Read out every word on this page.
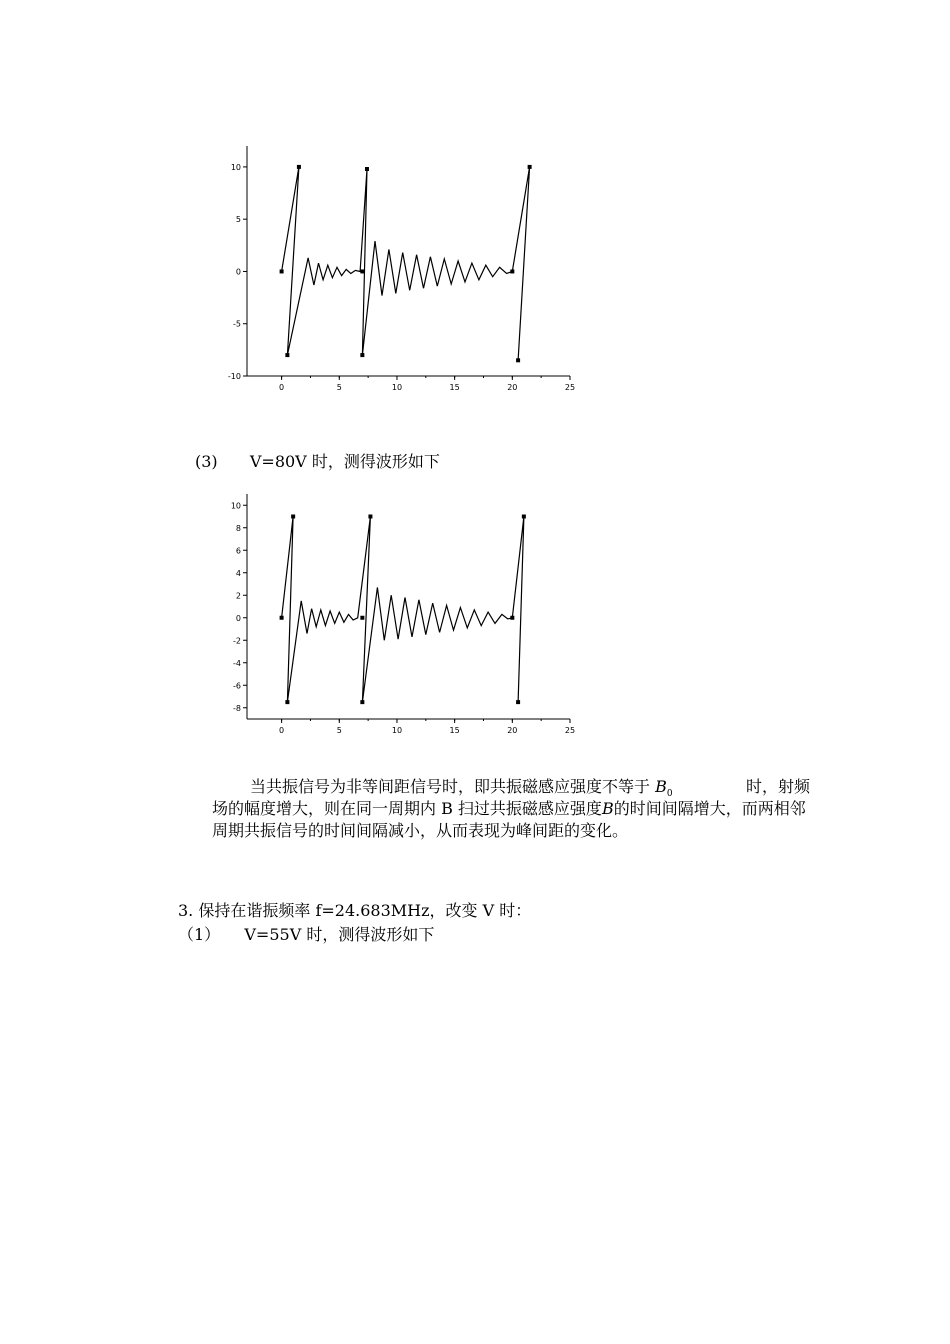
0	5	10	15	20	25
10
5
0
-5
-10
(3) V=80V 时，测得波形如下
0	5	10	15	20	25
10
8
6
4
2
0
-2
-4
-6
-8
当共振信号为非等间距信号时，即共振磁感应强度不等于 $B_0$	时，射频场的幅度增大，则在同一周期内 B 扫过共振磁感应强度B的时间间隔增大，而两相邻周期共振信号的时间间隔减小，从而表现为峰间距的变化。
3. 保持在谐振频率 f=24.683MHz，改变 V 时：
（1） V=55V 时，测得波形如下
